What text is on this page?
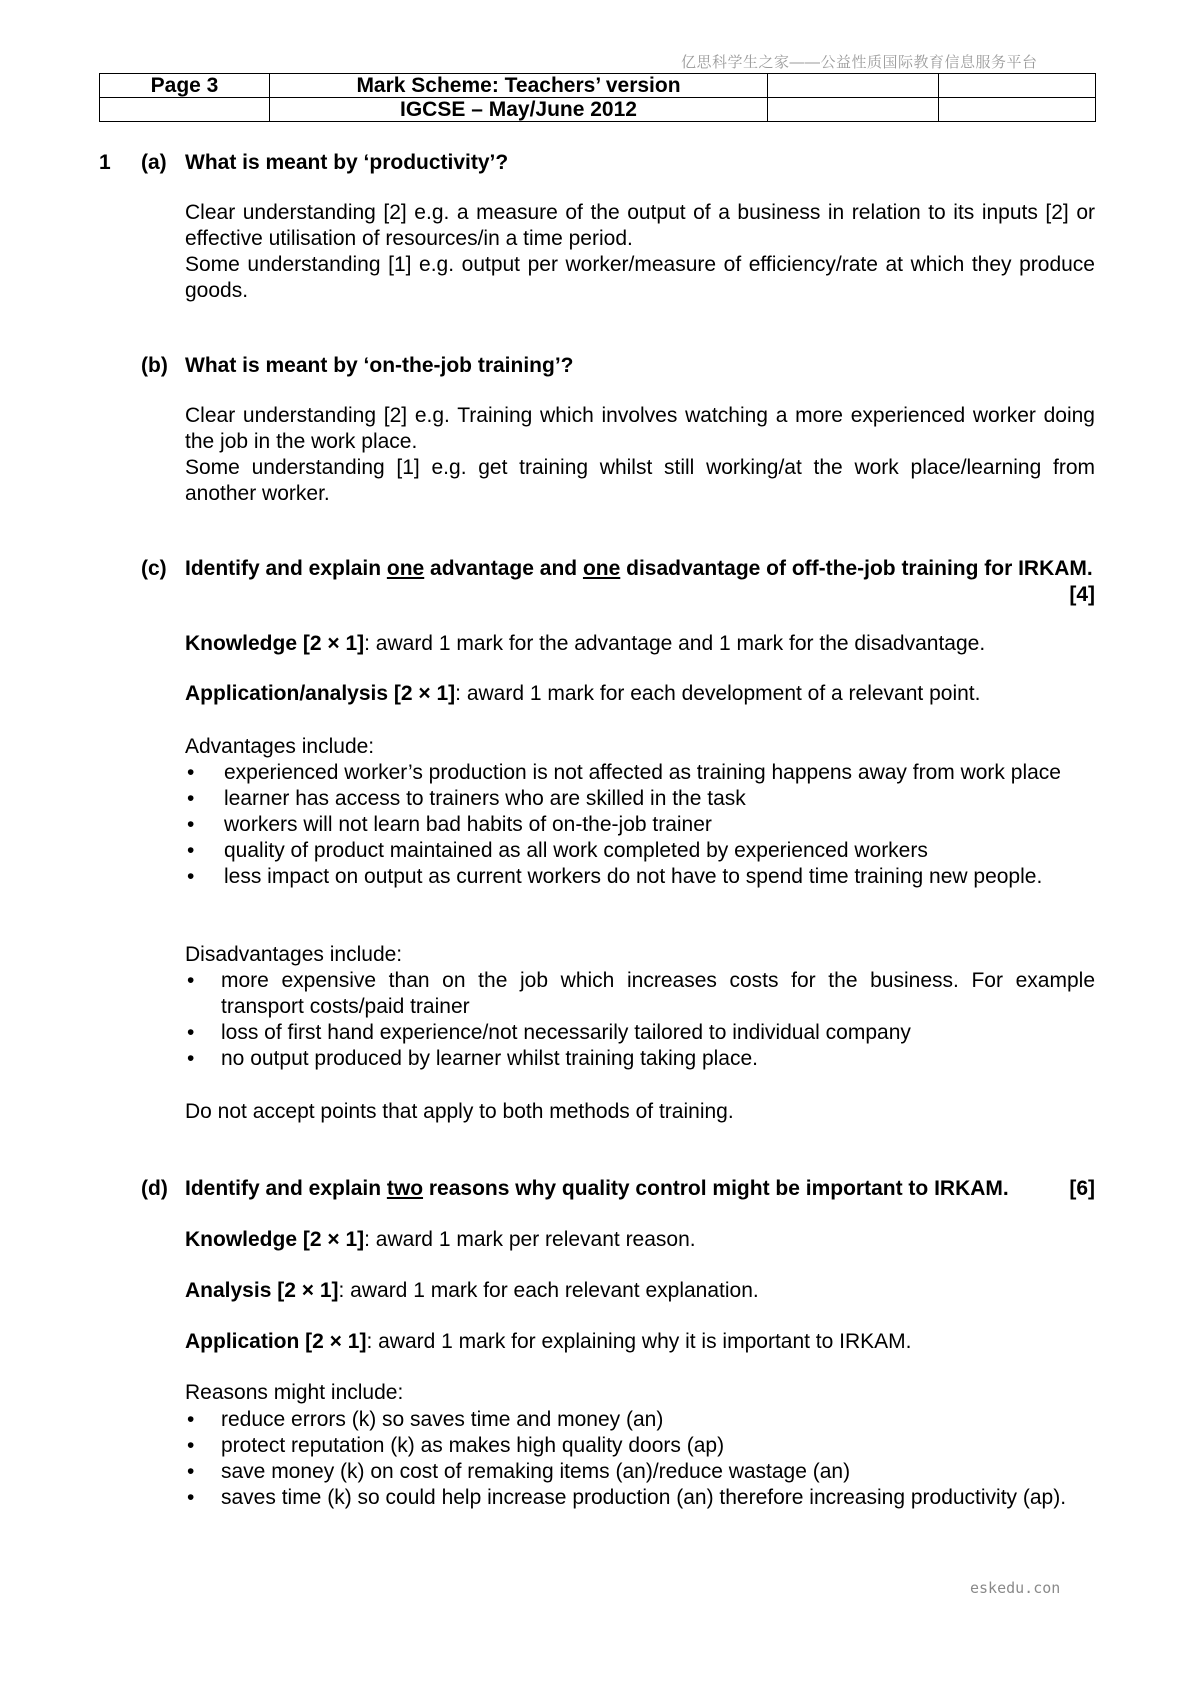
亿思科学生之家——公益性质国际教育信息服务平台
Page 3	Mark Scheme: Teachers’ version		
	IGCSE – May/June 2012		
1 (a) What is meant by ‘productivity’?

Clear understanding [2] e.g. a measure of the output of a business in relation to its inputs [2] or effective utilisation of resources/in a time period.

Some understanding [1] e.g. output per worker/measure of efficiency/rate at which they produce goods.

(b) What is meant by ‘on-the-job training’?

Clear understanding [2] e.g. Training which involves watching a more experienced worker doing the job in the work place.

Some understanding [1] e.g. get training whilst still working/at the work place/learning from another worker.

(c) Identify and explain one advantage and one disadvantage of off-the-job training for IRKAM.
[4]
Knowledge [2 × 1]: award 1 mark for the advantage and 1 mark for the disadvantage.
Application/analysis [2 × 1]: award 1 mark for each development of a relevant point.
Advantages include:
• experienced worker’s production is not affected as training happens away from work place
• learner has access to trainers who are skilled in the task
• workers will not learn bad habits of on-the-job trainer
• quality of product maintained as all work completed by experienced workers
• less impact on output as current workers do not have to spend time training new people.
Disadvantages include:
• more expensive than on the job which increases costs for the business. For example transport costs/paid trainer
• loss of first hand experience/not necessarily tailored to individual company
• no output produced by learner whilst training taking place.
Do not accept points that apply to both methods of training.
(d) Identify and explain two reasons why quality control might be important to IRKAM.	[6]
Knowledge [2 × 1]: award 1 mark per relevant reason.
Analysis [2 × 1]: award 1 mark for each relevant explanation.
Application [2 × 1]: award 1 mark for explaining why it is important to IRKAM.
Reasons might include:
• reduce errors (k) so saves time and money (an)
• protect reputation (k) as makes high quality doors (ap)
• save money (k) on cost of remaking items (an)/reduce wastage (an)
• saves time (k) so could help increase production (an) therefore increasing productivity (ap).
eskedu.con
